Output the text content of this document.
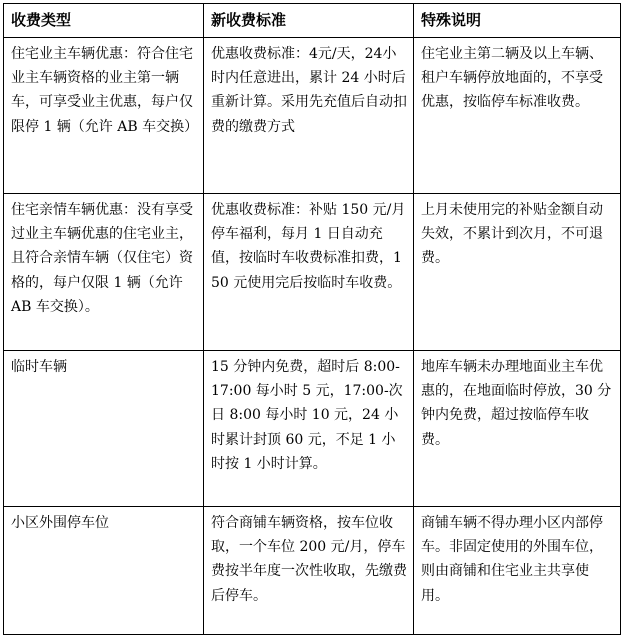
收费类型	新收费标准	特殊说明
住宅业主车辆优惠：符合住宅业主车辆资格的业主第一辆车，可享受业主优惠，每户仅限停 1 辆（允许 AB 车交换）	优惠收费标准：4元/天，24小时内任意进出，累计 24 小时后重新计算。采用先充值后自动扣费的缴费方式	住宅业主第二辆及以上车辆、租户车辆停放地面的，不享受优惠，按临停车标准收费。
住宅亲情车辆优惠：没有享受过业主车辆优惠的住宅业主，且符合亲情车辆（仅住宅）资格的，每户仅限 1 辆（允许 AB 车交换）。	优惠收费标准：补贴 150 元/月停车福利，每月 1 日自动充值，按临时车收费标准扣费，150 元使用完后按临时车收费。	上月未使用完的补贴金额自动失效，不累计到次月，不可退费。
临时车辆	15 分钟内免费，超时后 8:00-17:00 每小时 5 元，17:00-次日 8:00 每小时 10 元，24 小时累计封顶 60 元，不足 1 小时按 1 小时计算。	地库车辆未办理地面业主车优惠的，在地面临时停放，30 分钟内免费，超过按临停车收费。
小区外围停车位	符合商铺车辆资格，按车位收取，一个车位 200 元/月，停车费按半年度一次性收取，先缴费后停车。	商铺车辆不得办理小区内部停车。非固定使用的外围车位，则由商铺和住宅业主共享使用。
